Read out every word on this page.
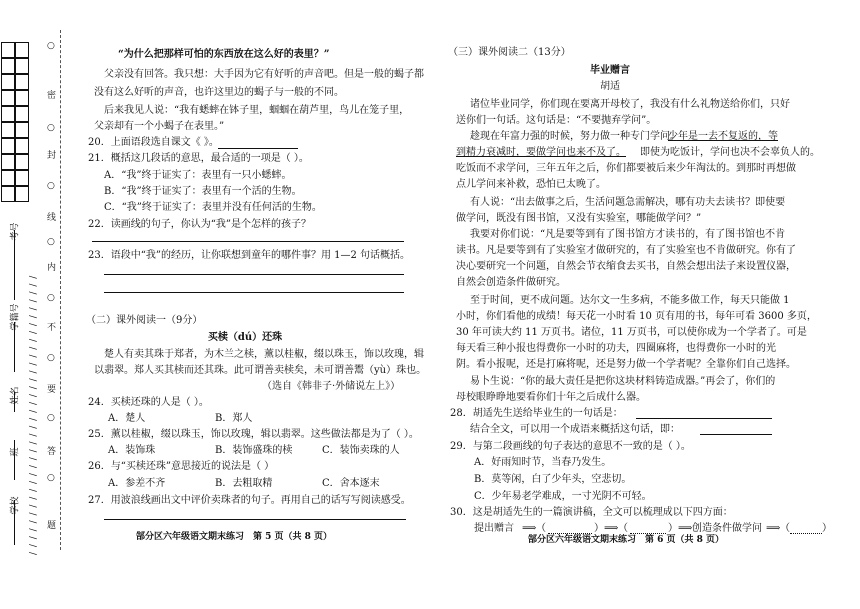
考号
学籍号
姓名
班
学校 / / / / / / / / / / / / / / / / / / / / / / / / / / / / / / / / / / / /
○
密
○
封
○
线
○
内
○
不
○
要
○
答
○
题
“为什么把那样可怕的东西放在这么好的表里？”
父亲没有回答。我只想：大手因为它有好听的声音吧。但是一般的蝎子都
没有这么好听的声音，也许这里边的蝎子与一般的不同。
后来我见人说：“我有蟋蟀在钵子里，蝈蝈在葫芦里，鸟儿在笼子里，
父亲却有一个小蝎子在表里。”
20．上面语段选自课文《 》。
21．概括这几段话的意思，最合适的一项是（ ）。
A．“我”终于证实了：表里有一只小蟋蟀。
B．“我”终于证实了：表里有一个活的生物。
C．“我”终于证实了：表里并没有任何活的生物。
22．读画线的句子，你认为“我”是个怎样的孩子？
23．语段中“我”的经历，让你联想到童年的哪件事？用 1—2 句话概括。
（二）课外阅读一（9分）
买椟（dú）还珠
楚人有卖其珠于郑者，为木兰之椟，薰以桂椒，缀以珠玉，饰以玫瑰，辑
以翡翠。郑人买其椟而还其珠。此可谓善卖椟矣，未可谓善鬻（yù）珠也。
（选自《韩非子·外储说左上》）
24．买椟还珠的人是（ ）。
A．楚人	B．郑人
25．薰以桂椒，缀以珠玉，饰以玫瑰，辑以翡翠。这些做法都是为了（ ）。
A．装饰珠	B．装饰盛珠的椟	C．装饰卖珠的人
26．与“买椟还珠”意思接近的说法是（ ）
A．参差不齐	B．去粗取精	C．舍本逐末
27．用波浪线画出文中评价卖珠者的句子。再用自己的话写写阅读感受。
郜分区六年级语文期末练习　第 5 页（共 8 页）
（三）课外阅读二（13分）
毕业赠言
胡适
诸位毕业同学，你们现在要离开母校了，我没有什么礼物送给你们，只好
送你们一句话。这句话是：“不要抛弃学问”。
趁现在年富力强的时候，努力做一种专门学问。
少年是一去不复返的，等
到精力衰减时，要做学问也来不及了。 即使为吃饭计，学问也决不会辜负人的。
吃饭而不求学问，三年五年之后，你们都要被后来少年淘汰的。到那时再想做
点儿学问来补救，恐怕已太晚了。
有人说：“出去做事之后，生活问题急需解决，哪有功夫去读书？即使要
做学问，既没有图书馆，又没有实验室，哪能做学问？”
我要对你们说：“凡是要等到有了图书馆方才读书的，有了图书馆也不肯
读书。凡是要等到有了实验室才做研究的，有了实验室也不肯做研究。你有了
决心要研究一个问题，自然会节衣缩食去买书，自然会想出法子来设置仪器，
自然会创造条件做研究。
至于时间，更不成问题。达尔文一生多病，不能多做工作，每天只能做 1
小时，你们看他的成绩！每天花一小时看 10 页有用的书，每年可看 3600 多页，
30 年可读大约 11 万页书。诸位，11 万页书，可以使你成为一个学者了。可是
每天看三种小报也得费你一小时的功夫，四圈麻将，也得费你一小时的光
阴。看小报呢，还是打麻将呢，还是努力做一个学者呢？全靠你们自己选择。
易卜生说：“你的最大责任是把你这块材料铸造成器。”再会了，你们的
母校眼睁睁地要看你们十年之后成什么器。
28．胡适先生送给毕业生的一句话是：
结合全文，可以用一个成语来概括这句话，即：
29．与第二段画线的句子表达的意思不一致的是（ ）。
A．好雨知时节，当春乃发生。
B．莫等闲，白了少年头，空悲切。
C．少年易老学难成，一寸光阴不可轻。
30．这是胡适先生的一篇演讲稿，全文可以梳理成以下四方面：
提出赠言 ⟹ （	） ⟹ （	） ⟹ 创造条件做学问 ⟹ （	）
郜分区六年级语文期末练习　第 6 页（共 8 页）
